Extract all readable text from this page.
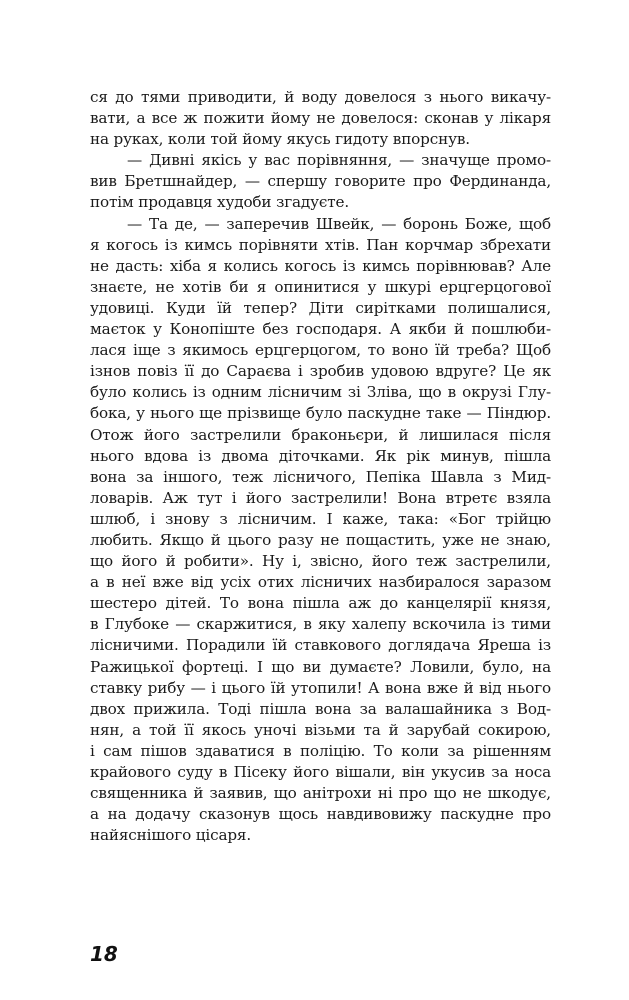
ся до тями приводити, й воду довелося з нього викачу-
вати, а все ж пожити йому не довелося: сконав у лікаря
на руках, коли той йому якусь гидоту впорснув.
— Дивні якісь у вас порівняння, — значуще промо-
вив Бретшнайдер, — спершу говорите про Фердинанда,
потім продавця худоби згадуєте.
— Та де, — заперечив Швейк, — боронь Боже, щоб
я когось із кимсь порівняти хтів. Пан корчмар збрехати
не дасть: хіба я колись когось із кимсь порівнював? Але
знаєте, не хотів би я опинитися у шкурі ерцгерцогової
удовиці. Куди їй тепер? Діти сирітками полишалися,
маєток у Конопіште без господаря. А якби й пошлюби-
лася іще з якимось ерцгерцогом, то воно їй треба? Щоб
ізнов повіз її до Сараєва і зробив удовою вдруге? Це як
було колись із одним лісничим зі Зліва, що в окрузі Глу-
бока, у нього ще прізвище було паскудне таке — Піндюр.
Отож його застрелили браконьєри, й лишилася після
нього вдова із двома діточками. Як рік минув, пішла
вона за іншого, теж лісничого, Пепіка Шавла з Мид-
ловарів. Аж тут і його застрелили! Вона втретє взяла
шлюб, і знову з лісничим. І каже, така: «Бог трійцю
любить. Якщо й цього разу не пощастить, уже не знаю,
що його й робити». Ну і, звісно, його теж застрелили,
а в неї вже від усіх отих лісничих назбиралося заразом
шестеро дітей. То вона пішла аж до канцелярії князя,
в Глубоке — скаржитися, в яку халепу вскочила із тими
лісничими. Порадили їй ставкового доглядача Яреша із
Ражицької фортеці. І що ви думаєте? Ловили, було, на
ставку рибу — і цього їй утопили! А вона вже й від нього
двох прижила. Тоді пішла вона за валашайника з Вод-
нян, а той її якось уночі візьми та й зарубай сокирою,
і сам пішов здаватися в поліцію. То коли за рішенням
крайового суду в Пісеку його вішали, він укусив за носа
священника й заявив, що анітрохи ні про що не шкодує,
а на додачу сказонув щось навдивовижу паскудне про
найяснішого цісаря.
18
